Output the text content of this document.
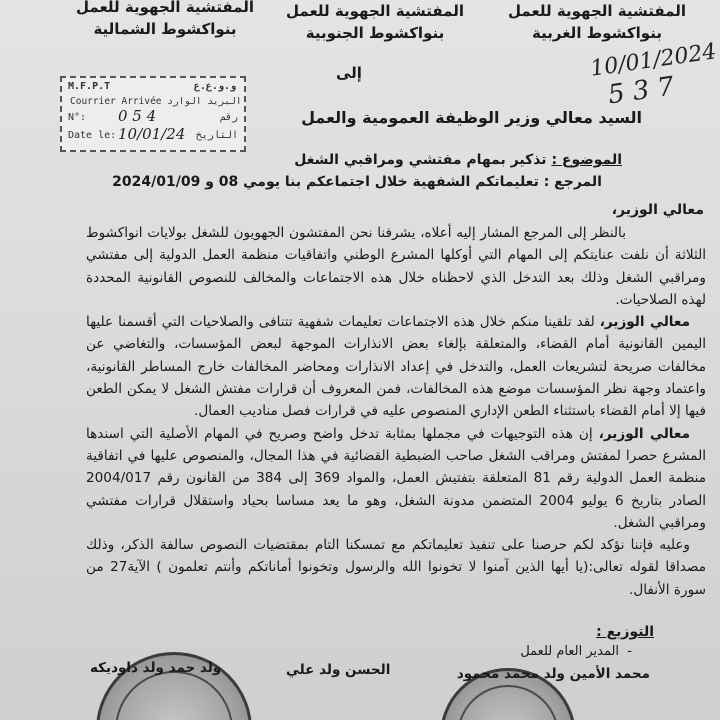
المفتشية الجهوية للعمل
بنواكشوط الغربية
المفتشية الجهوية للعمل
بنواكشوط الجنوبية
المفتشية الجهوية للعمل
بنواكشوط الشمالية
10/01/2024
5 3 7
M.F.P.T	و.و.ع.ع
Courrier Arrivée البريد الوارد
N°: 0 5 4	رقم
Date le: 10/01/24 التاريخ
إلى
السيد معالي وزير الوظيفة العمومية والعمل
الموضوع : تذكير بمهام مفتشي ومراقبي الشغل
المرجع : تعليماتكم الشفهية خلال اجتماعكم بنا يومي 08 و 2024/01/09
معالي الوزير،

بالنظر إلى المرجع المشار إليه أعلاه، يشرفنا نحن المفتشون الجهويون للشغل بولايات انواكشوط الثلاثة أن نلفت عنايتكم إلى المهام التي أوكلها المشرع الوطني واتفاقيات منظمة العمل الدولية إلى مفتشي ومراقبي الشغل وذلك بعد التدخل الذي لاحظناه خلال هذه الاجتماعات والمخالف للنصوص القانونية المحددة لهذه الصلاحيات.

معالي الوزير، لقد تلقينا منكم خلال هذه الاجتماعات تعليمات شفهية تتنافى والصلاحيات التي أقسمنا عليها اليمين القانونية أمام القضاء، والمتعلقة بإلغاء بعض الانذارات الموجهة لبعض المؤسسات، والتغاضي عن مخالفات صريحة لتشريعات العمل، والتدخل في إعداد الانذارات ومحاضر المخالفات خارج المساطر القانونية، واعتماد وجهة نظر المؤسسات موضع هذه المخالفات، فمن المعروف أن قرارات مفتش الشغل لا يمكن الطعن فيها إلا أمام القضاء باستثناء الطعن الإداري المنصوص عليه في قرارات فصل مناديب العمال.

معالي الوزير، إن هذه التوجيهات في مجملها بمثابة تدخل واضح وصريح في المهام الأصلية التي اسندها المشرع حصرا لمفتش ومراقب الشغل صاحب الضبطية القضائية في هذا المجال، والمنصوص عليها في اتفاقية منظمة العمل الدولية رقم 81 المتعلقة بتفتيش العمل، والمواد 369 إلى 384 من القانون رقم 2004/017 الصادر بتاريخ 6 يوليو 2004 المتضمن مدونة الشغل، وهو ما يعد مساسا بحياد واستقلال قرارات مفتشي ومراقبي الشغل.

وعليه فإننا نؤكد لكم حرصنا على تنفيذ تعليماتكم مع تمسكنا التام بمقتضيات النصوص سالفة الذكر، وذلك مصداقا لقوله تعالى:(يا أيها الذين آمنوا لا تخونوا الله والرسول وتخونوا أماناتكم وأنتم تعلمون ) الآية27 من سورة الأنفال.

التوزيع :
-  المدير العام للعمل
محمد الأمين ولد محمد محمود
الحسن ولد علي
ولد حمد ولد داوديكه
